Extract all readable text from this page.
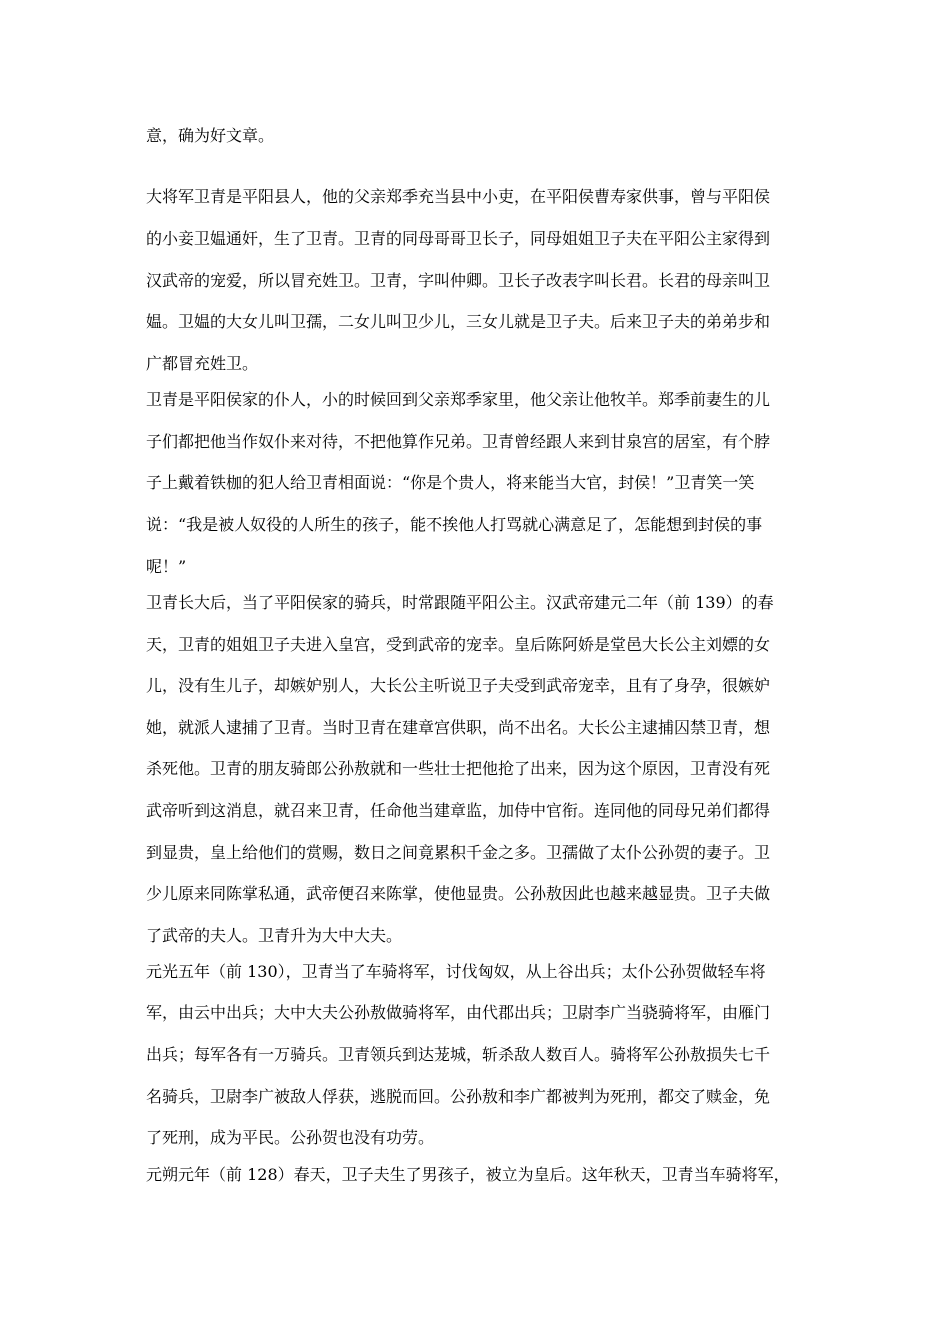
意，确为好文章。
大将军卫青是平阳县人，他的父亲郑季充当县中小吏，在平阳侯曹寿家供事，曾与平阳侯
的小妾卫媪通奸，生了卫青。卫青的同母哥哥卫长子，同母姐姐卫子夫在平阳公主家得到
汉武帝的宠爱，所以冒充姓卫。卫青，字叫仲卿。卫长子改表字叫长君。长君的母亲叫卫
媪。卫媪的大女儿叫卫孺，二女儿叫卫少儿，三女儿就是卫子夫。后来卫子夫的弟弟步和
广都冒充姓卫。
卫青是平阳侯家的仆人，小的时候回到父亲郑季家里，他父亲让他牧羊。郑季前妻生的儿
子们都把他当作奴仆来对待，不把他算作兄弟。卫青曾经跟人来到甘泉宫的居室，有个脖
子上戴着铁枷的犯人给卫青相面说：“你是个贵人，将来能当大官，封侯！”卫青笑一笑
说：“我是被人奴役的人所生的孩子，能不挨他人打骂就心满意足了，怎能想到封侯的事
呢！”
卫青长大后，当了平阳侯家的骑兵，时常跟随平阳公主。汉武帝建元二年（前 139）的春
天，卫青的姐姐卫子夫进入皇宫，受到武帝的宠幸。皇后陈阿娇是堂邑大长公主刘嫖的女
儿，没有生儿子，却嫉妒别人，大长公主听说卫子夫受到武帝宠幸，且有了身孕，很嫉妒
她，就派人逮捕了卫青。当时卫青在建章宫供职，尚不出名。大长公主逮捕囚禁卫青，想
杀死他。卫青的朋友骑郎公孙敖就和一些壮士把他抢了出来，因为这个原因，卫青没有死
武帝听到这消息，就召来卫青，任命他当建章监，加侍中官衔。连同他的同母兄弟们都得
到显贵，皇上给他们的赏赐，数日之间竟累积千金之多。卫孺做了太仆公孙贺的妻子。卫
少儿原来同陈掌私通，武帝便召来陈掌，使他显贵。公孙敖因此也越来越显贵。卫子夫做
了武帝的夫人。卫青升为大中大夫。
元光五年（前 130），卫青当了车骑将军，讨伐匈奴，从上谷出兵；太仆公孙贺做轻车将
军，由云中出兵；大中大夫公孙敖做骑将军，由代郡出兵；卫尉李广当骁骑将军，由雁门
出兵；每军各有一万骑兵。卫青领兵到达茏城，斩杀敌人数百人。骑将军公孙敖损失七千
名骑兵，卫尉李广被敌人俘获，逃脱而回。公孙敖和李广都被判为死刑，都交了赎金，免
了死刑，成为平民。公孙贺也没有功劳。
元朔元年（前 128）春天，卫子夫生了男孩子，被立为皇后。这年秋天，卫青当车骑将军，
